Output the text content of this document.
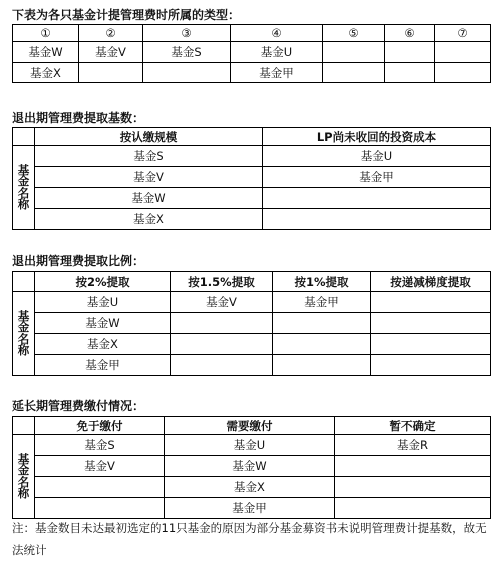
下表为各只基金计提管理费时所属的类型：
①	②	③	④	⑤	⑥	⑦
基金W	基金V	基金S	基金U			
基金X			基金甲			
退出期管理费提取基数：
	按认缴规模	LP尚未收回的投资成本

基
金
名
称	基金S	基金U
	基金V	基金甲
	基金W	
	基金X	
退出期管理费提取比例：
	按2%提取	按1.5%提取	按1%提取	按递减梯度提取

基
金
名
称	基金U	基金V	基金甲	
	基金W			
	基金X			
	基金甲			
延长期管理费缴付情况：
	免于缴付	需要缴付	暂不确定

基
金
名
称	基金S	基金U	基金R
	基金V	基金W	
		基金X	
		基金甲	
注：基金数目未达最初选定的11只基金的原因为部分基金募资书未说明管理费计提基数，故无法统计
